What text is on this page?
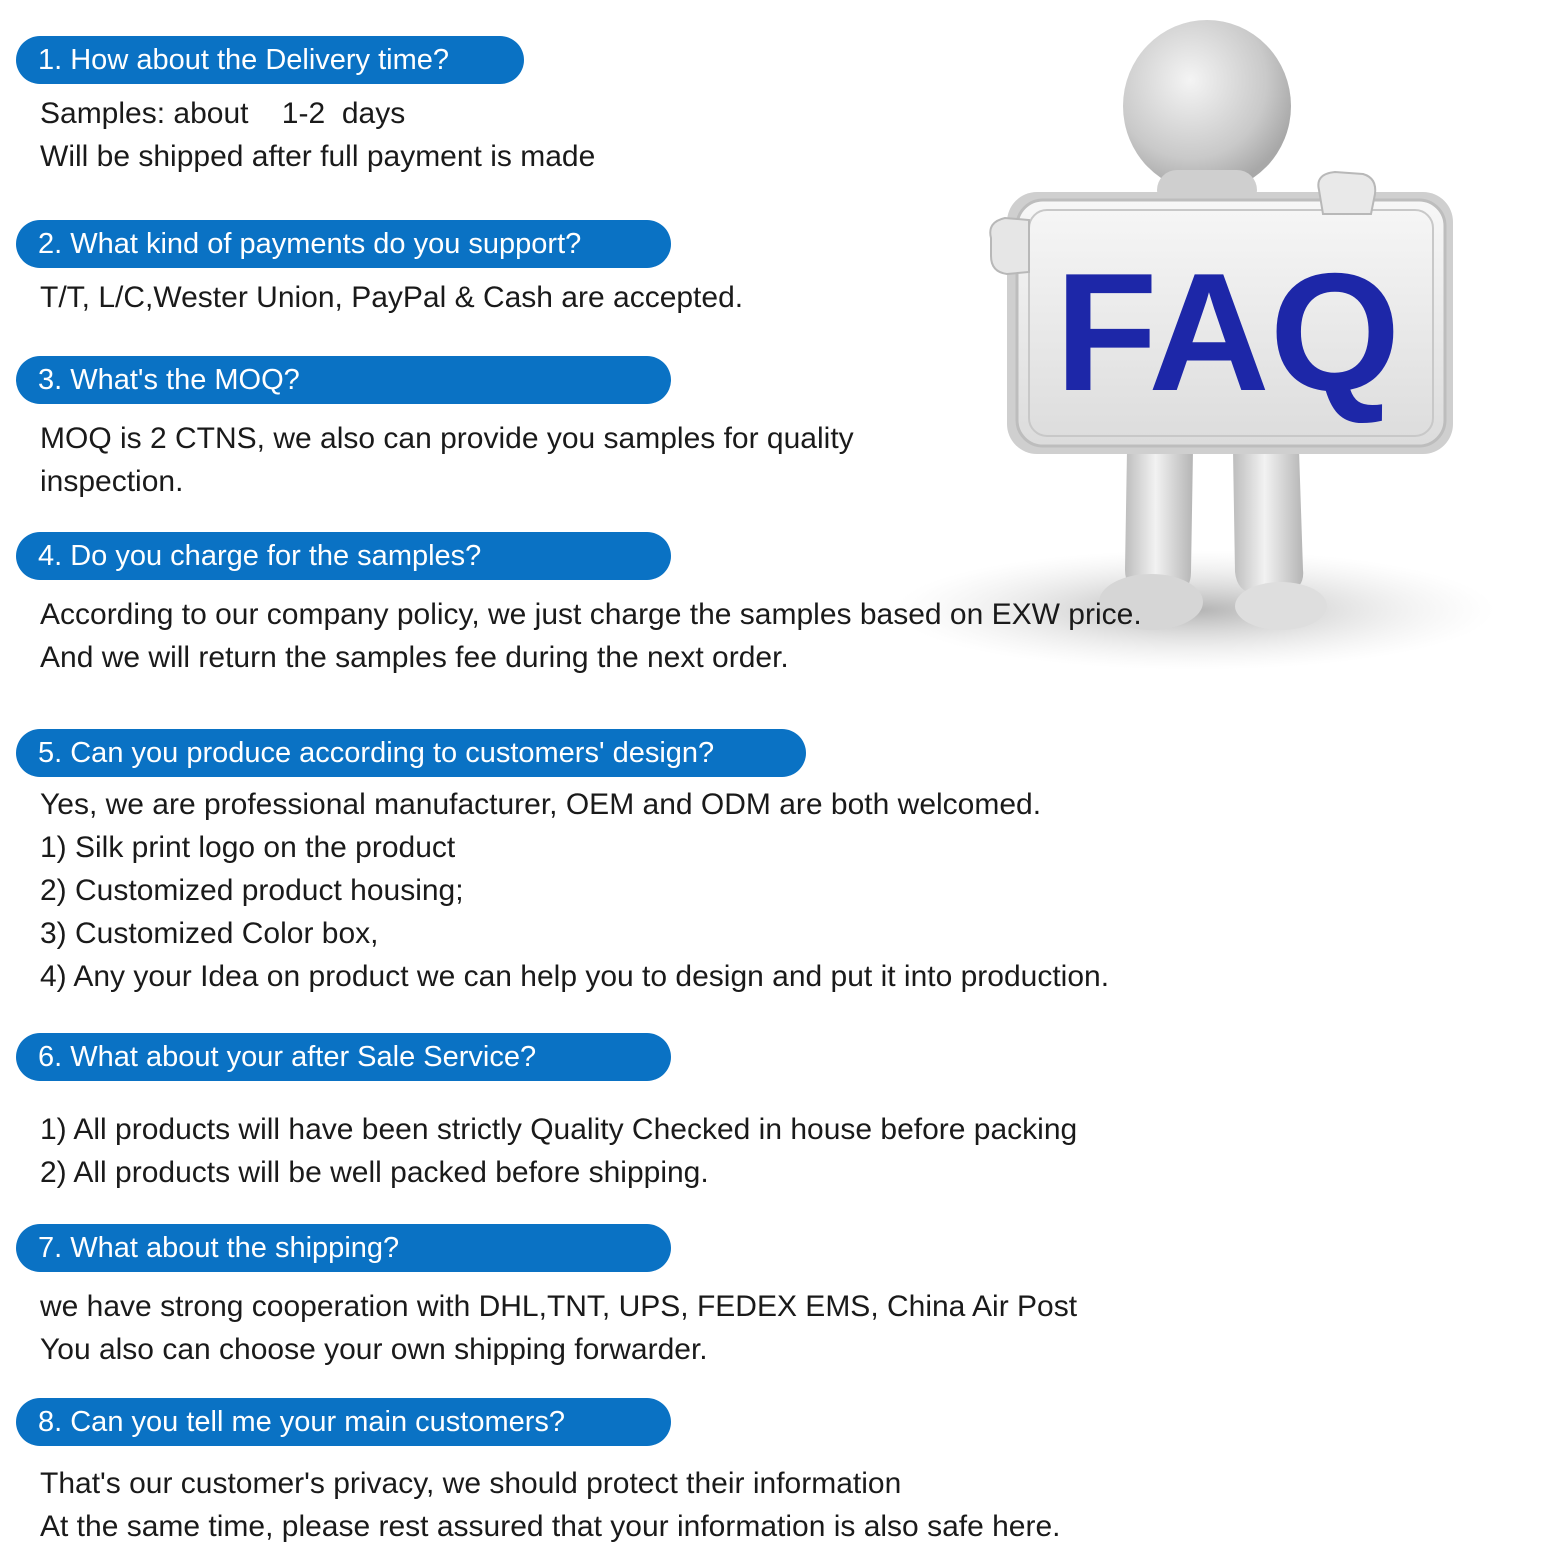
FAQ
1. How about the Delivery time?
Samples: about    1-2  days
Will be shipped after full payment is made
2. What kind of payments do you support?
T/T, L/C,Wester Union, PayPal & Cash are accepted.
3. What's the MOQ?
MOQ is 2 CTNS, we also can provide you samples for quality
inspection.
4. Do you charge for the samples?
According to our company policy, we just charge the samples based on EXW price.
And we will return the samples fee during the next order.
5. Can you produce according to customers' design?
Yes, we are professional manufacturer, OEM and ODM are both welcomed.
1) Silk print logo on the product
2) Customized product housing;
3) Customized Color box,
4) Any your Idea on product we can help you to design and put it into production.
6. What about your after Sale Service?
1) All products will have been strictly Quality Checked in house before packing
2) All products will be well packed before shipping.
7. What about the shipping?
we have strong cooperation with DHL,TNT, UPS, FEDEX EMS, China Air Post
You also can choose your own shipping forwarder.
8. Can you tell me your main customers?
That's our customer's privacy, we should protect their information
At the same time, please rest assured that your information is also safe here.
